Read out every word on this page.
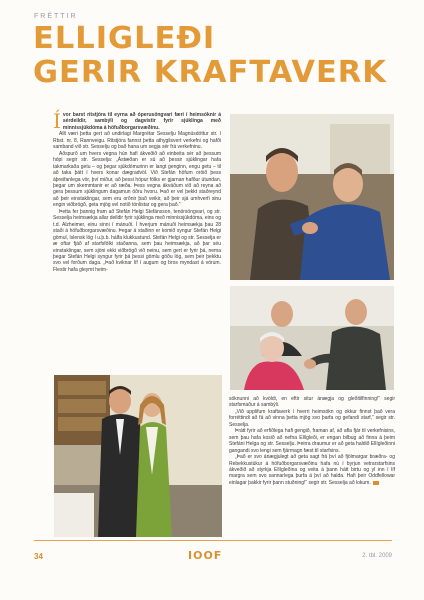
FRÉTTIR
ELLIGLEÐI
GERIR KRAFTAVERK

Ívor barst ritstjóra til eyrna að óperusöngvari færi í heimsóknir á sérdeildir, sambýli og dagvistir fyrir sjúklinga með minnissjúkdóma á höfuðborgarsvæðinu.

Allt væri þetta gert að undirlagi Margrétar Sesselju Magnúsdóttur str. í Rbst. nr. 8, Rannveigu. Ritstjóra fannst þetta athyglisvert verkefni og hafði samband við str. Sesselju og bað hana um segja sér frá verkefninu.

Aðspurð um hvers vegna hún hafi ákveðið að einbeita sér að þessum hópi segir str. Sesselja: „Ástæðan er sú að þessir sjúklingar hafa takmarkaða getu – og þegar sjúkdómurinn er langt genginn, engu getu – til að taka þátt í hvers konar dægradvöl. Við Stefán höfum oröið þess áþreifanlega vör, því miður, að þessi hópur fólks er gjarnan hafður útundan, þegar um skemmtanir er að ræða. Þess vegna ákváðum við að reyna að gera þessum sjúklingum dagamun öðru hvoru. Það er vel þekkt staðreynd að þeir einstaklingar, sem eru orðnir það veikir, að þeir sjá umhverfi sinu engin viðbrögð, geta mjög vel notið tónlistar og gera það.“

Þetta fer þannig fram að Stefán Helgi Stefánsson, tenórsöngvari, og str. Sesselja heimsækja allar deildir fyrir sjúklinga með minnissjúkdóma, eins og t.d. Alzheimer, einu sinni í mánuði. Í hverjum mánuði heimsækja þau 28 staði á höfuðborgarsvæðinu. Þegar á staðinn er komið syngur Stefán Helgi gömul, íslensk lög í u.þ.b. hálfa klukkustund. Stefán Helgi og str. Sesselja er æ oftar fjáð af starfsfólki staðanna, sem þau heimsækja, að þar séu einstaklingar, sem sjöni ekki viðbrögð við neinu, sem gert er fyrir þá, nema þegar Stefán Helgi syngur fyrir þá þessi gömlu góðu lög, sem þeir þekktu svo vel forðum daga. „Það kviknar líf í augum og bros myndast á vörum. Flestir hafa gleymt heim-

sóknunni að kvöldi, en eftir situr ánægja og gleðitilfinning!“ segir starfsmaður á sambýli.

„Við upplifum kraftaverk í hverri heimsókn og okkur finnst það vera forréttindi að fá að vinna þetta mjög svo þarfa og gefandi starf,“ segir str. Sesselja.

Þrátt fyrir að erfiðlega hafi gengið, framan af, að afla fjár til verkefnisins, sem þau hafa kosið að nefna Ellígleði, er engan bilbug að finna á þeim Stefáni Helga og str. Sesselju. Þeirra draumur er að geta haldið Ellígleðinni gangandi svo lengi sem fjármagn fæst til starfsins.

„Það er svo ánægjulegt að geta sagt frá því að fjölmargar bræðra- og Rebekkustúkur á höfuðborgarsvæðinu hafa nú í byrjun vetrarstarfsins ákveðið að styrkja Ellígleðina og veita á þann hátt birtu og yl inn í líf margra sem svo sannarlega þurfa á því að halda. Hafi þeir Oddfellowar einlagar þakkir fyrir þann stuðning!“ segir str. Sesselja að lokum.

34	IOOF	2. tbl. 2009
